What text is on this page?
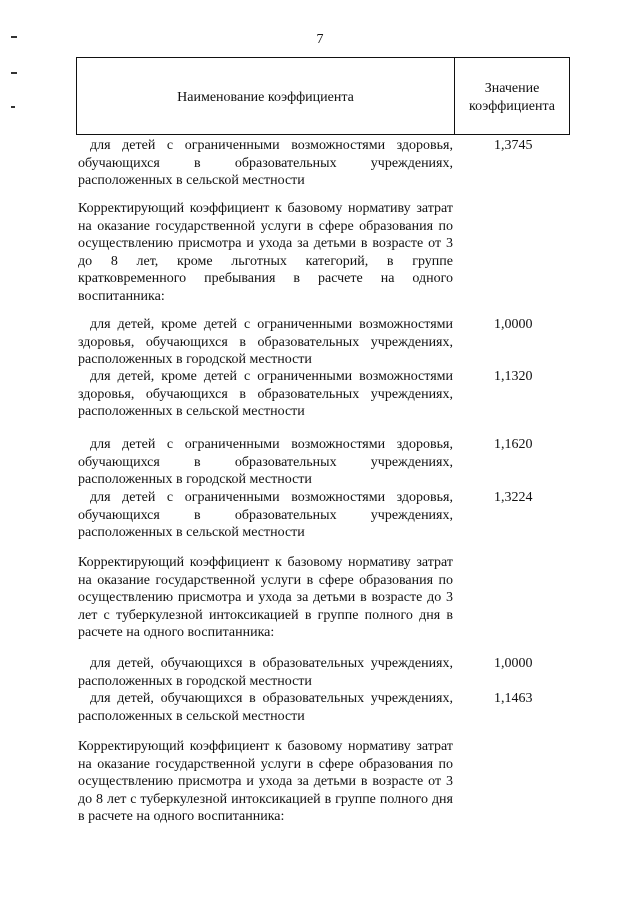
7
Наименование коэффициента
Значение
коэффициента
для детей с ограниченными возможностями здоровья, обучающихся в образовательных учреждениях, расположенных в сельской местности
1,3745
Корректирующий коэффициент к базовому нормативу затрат на оказание государственной услуги в сфере образования по осуществлению присмотра и ухода за детьми в возрасте от 3 до 8 лет, кроме льготных категорий, в группе кратковременного пребывания в расчете на одного воспитанника:
для детей, кроме детей с ограниченными возможностями здоровья, обучающихся в образовательных учреждениях, расположенных в городской местности
1,0000
для детей, кроме детей с ограниченными возможностями здоровья, обучающихся в образовательных учреждениях, расположенных в сельской местности
1,1320
для детей с ограниченными возможностями здоровья, обучающихся в образовательных учреждениях, расположенных в городской местности
1,1620
для детей с ограниченными возможностями здоровья, обучающихся в образовательных учреждениях, расположенных в сельской местности
1,3224
Корректирующий коэффициент к базовому нормативу затрат на оказание государственной услуги в сфере образования по осуществлению присмотра и ухода за детьми в возрасте до 3 лет с туберкулезной интоксикацией в группе полного дня в расчете на одного воспитанника:
для детей, обучающихся в образовательных учреждениях, расположенных в городской местности
1,0000
для детей, обучающихся в образовательных учреждениях, расположенных в сельской местности
1,1463
Корректирующий коэффициент к базовому нормативу затрат на оказание государственной услуги в сфере образования по осуществлению присмотра и ухода за детьми в возрасте от 3 до 8 лет с туберкулезной интоксикацией в группе полного дня в расчете на одного воспитанника:
